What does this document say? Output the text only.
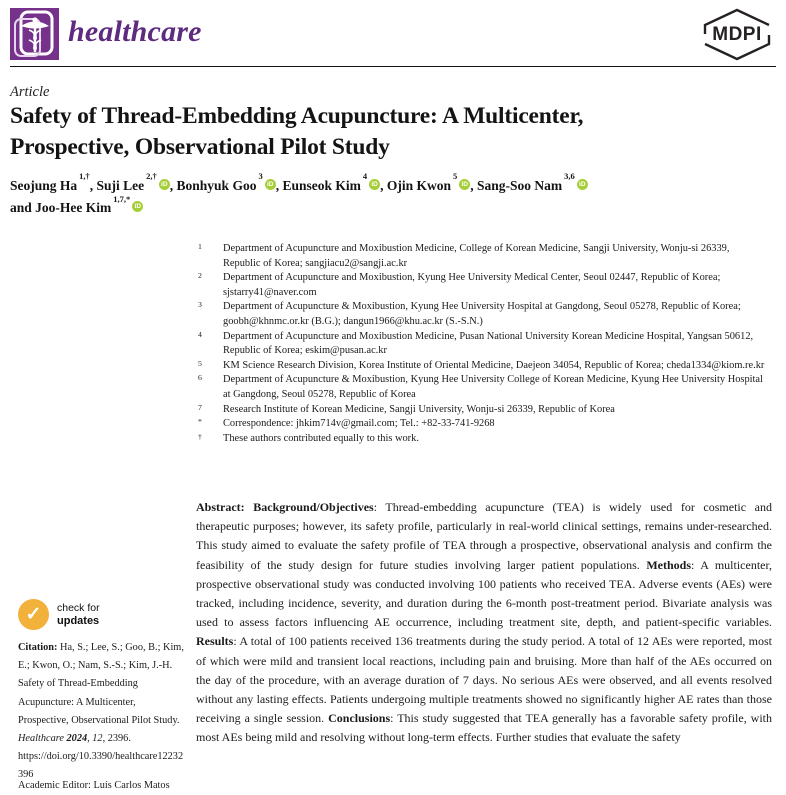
healthcare	MDPI
Article
Safety of Thread-Embedding Acupuncture: A Multicenter,
Prospective, Observational Pilot Study
Seojung $Ha^{1,\dagger}$, Suji Lee$^{2,\dagger}$iD , Bonhyuk Goo$^3$iD , Eunseok Kim$^4$iD , Ojin Kwon$^5$iD , Sang-Soo Nam$^{3,6}$iD
and Joo-Hee Kim$^{1,7,*}$iD
1 Department of Acupuncture and Moxibustion Medicine, College of Korean Medicine, Sangji University, Wonju-si 26339, Republic of Korea; sangjiacu2@sangji.ac.kr
2 Department of Acupuncture and Moxibustion, Kyung Hee University Medical Center, Seoul 02447, Republic of Korea; sjstarry41@naver.com
3 Department of Acupuncture & Moxibustion, Kyung Hee University Hospital at Gangdong, Seoul 05278, Republic of Korea; goobh@khnmc.or.kr (B.G.); dangun1966@khu.ac.kr (S.-S.N.)
4 Department of Acupuncture and Moxibustion Medicine, Pusan National University Korean Medicine Hospital, Yangsan 50612, Republic of Korea; eskim@pusan.ac.kr
5 KM Science Research Division, Korea Institute of Oriental Medicine, Daejeon 34054, Republic of Korea; cheda1334@kiom.re.kr
6 Department of Acupuncture & Moxibustion, Kyung Hee University College of Korean Medicine, Kyung Hee University Hospital at Gangdong, Seoul 05278, Republic of Korea
7 Research Institute of Korean Medicine, Sangji University, Wonju-si 26339, Republic of Korea
* Correspondence: jhkim714v@gmail.com; Tel.: +82-33-741-9268
† These authors contributed equally to this work.

Abstract: Background/Objectives: Thread-embedding acupuncture (TEA) is widely used for cosmetic and therapeutic purposes; however, its safety profile, particularly in real-world clinical settings, remains under-researched. This study aimed to evaluate the safety profile of TEA through a prospective, observational analysis and confirm the feasibility of the study design for future studies involving larger patient populations. Methods: A multicenter, prospective observational study was conducted involving 100 patients who received TEA. Adverse events (AEs) were tracked, including incidence, severity, and duration during the 6-month post-treatment period. Bivariate analysis was used to assess factors influencing AE occurrence, including treatment site, depth, and patient-specific variables. Results: A total of 100 patients received 136 treatments during the study period. A total of 12 AEs were reported, most of which were mild and transient local reactions, including pain and bruising. More than half of the AEs occurred on the day of the procedure, with an average duration of 7 days. No serious AEs were observed, and all events resolved without any lasting effects. Patients undergoing multiple treatments showed no significantly higher AE rates than those receiving a single session. Conclusions: This study suggested that TEA generally has a favorable safety profile, with most AEs being mild and resolving without long-term effects. Further studies that evaluate the safety

✓	check for
updates
Citation: Ha, S.; Lee, S.; Goo, B.; Kim, E.; Kwon, O.; Nam, S.-S.; Kim, J.-H. Safety of Thread-Embedding Acupuncture: A Multicenter, Prospective, Observational Pilot Study. Healthcare 2024, 12, 2396. https://doi.org/10.3390/healthcare12232396
Academic Editor: Luís Carlos Matos
